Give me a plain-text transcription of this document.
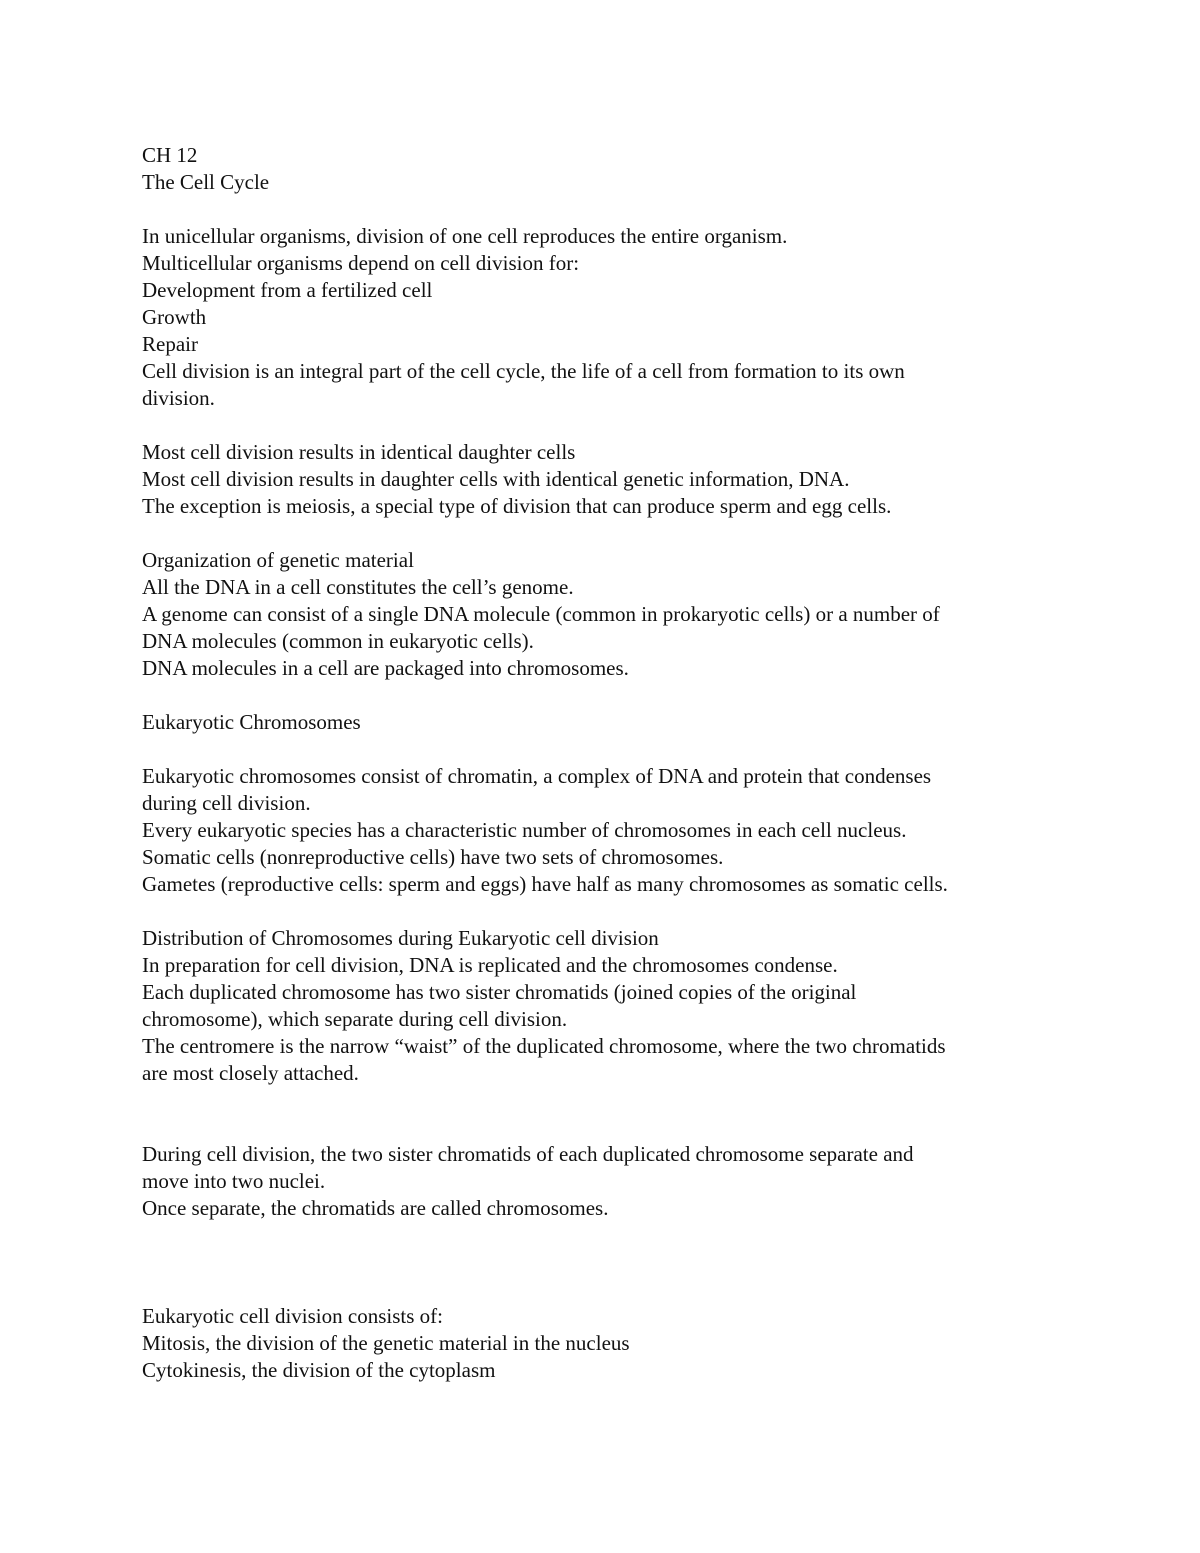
CH 12
The Cell Cycle
In unicellular organisms, division of one cell reproduces the entire organism.
Multicellular organisms depend on cell division for:
Development from a fertilized cell
Growth
Repair
Cell division is an integral part of the cell cycle, the life of a cell from formation to its own
division.
Most cell division results in identical daughter cells
Most cell division results in daughter cells with identical genetic information, DNA.
The exception is meiosis, a special type of division that can produce sperm and egg cells.
Organization of genetic material
All the DNA in a cell constitutes the cell’s genome.
A genome can consist of a single DNA molecule (common in prokaryotic cells) or a number of
DNA molecules (common in eukaryotic cells).
DNA molecules in a cell are packaged into chromosomes.
Eukaryotic Chromosomes
Eukaryotic chromosomes consist of chromatin, a complex of DNA and protein that condenses
during cell division.
Every eukaryotic species has a characteristic number of chromosomes in each cell nucleus.
Somatic cells (nonreproductive cells) have two sets of chromosomes.
Gametes (reproductive cells: sperm and eggs) have half as many chromosomes as somatic cells.
Distribution of Chromosomes during Eukaryotic cell division
In preparation for cell division, DNA is replicated and the chromosomes condense.
Each duplicated chromosome has two sister chromatids (joined copies of the original
chromosome), which separate during cell division.
The centromere is the narrow “waist” of the duplicated chromosome, where the two chromatids
are most closely attached.
During cell division, the two sister chromatids of each duplicated chromosome separate and
move into two nuclei.
Once separate, the chromatids are called chromosomes.
Eukaryotic cell division consists of:
Mitosis, the division of the genetic material in the nucleus
Cytokinesis, the division of the cytoplasm
